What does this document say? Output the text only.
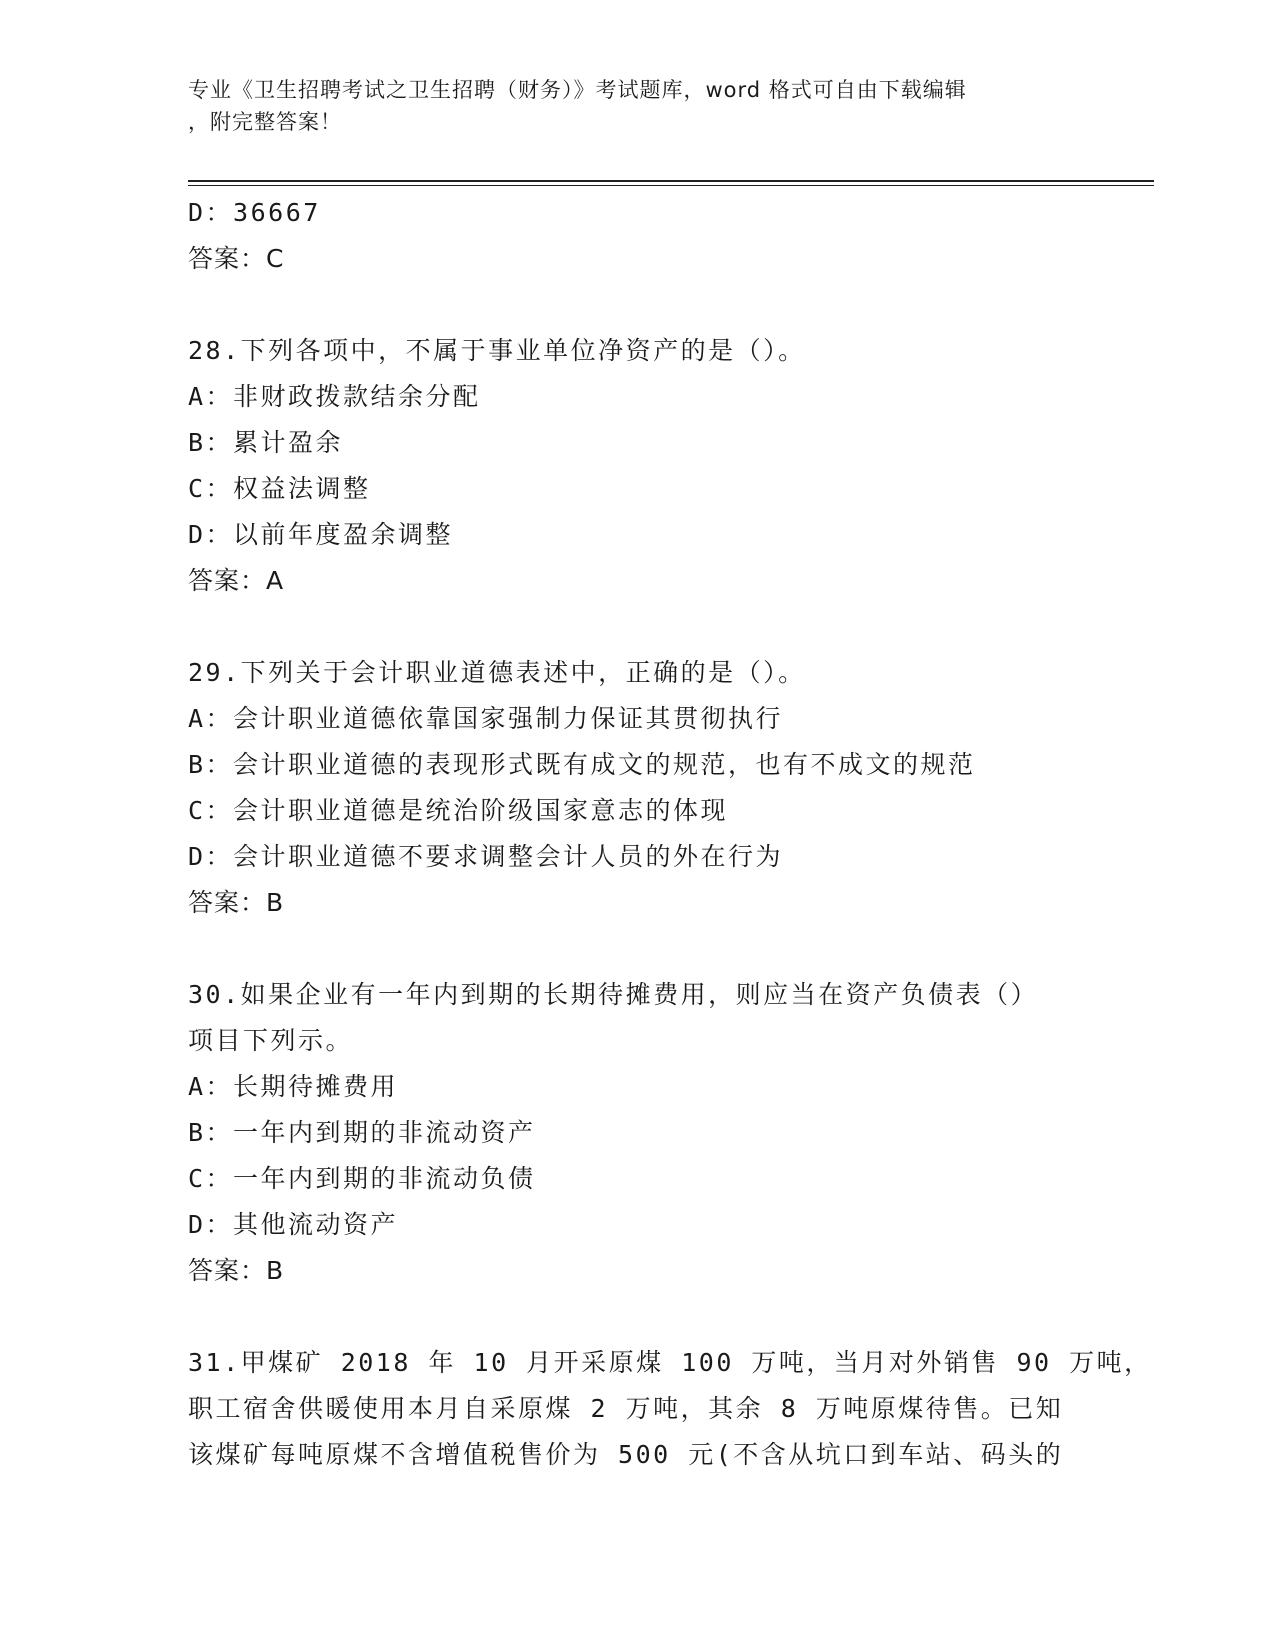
专业《卫生招聘考试之卫生招聘（财务）》考试题库，word 格式可自由下载编辑
，附完整答案！
D：36667
答案：C
28.下列各项中，不属于事业单位净资产的是（）。
A：非财政拨款结余分配
B：累计盈余
C：权益法调整
D：以前年度盈余调整
答案：A
29.下列关于会计职业道德表述中，正确的是（）。
A：会计职业道德依靠国家强制力保证其贯彻执行
B：会计职业道德的表现形式既有成文的规范，也有不成文的规范
C：会计职业道德是统治阶级国家意志的体现
D：会计职业道德不要求调整会计人员的外在行为
答案：B
30.如果企业有一年内到期的长期待摊费用，则应当在资产负债表（）
项目下列示。
A：长期待摊费用
B：一年内到期的非流动资产
C：一年内到期的非流动负债
D：其他流动资产
答案：B
31.甲煤矿 2018 年 10 月开采原煤 100 万吨，当月对外销售 90 万吨，
职工宿舍供暖使用本月自采原煤 2 万吨，其余 8 万吨原煤待售。已知
该煤矿每吨原煤不含增值税售价为 500 元(不含从坑口到车站、码头的
